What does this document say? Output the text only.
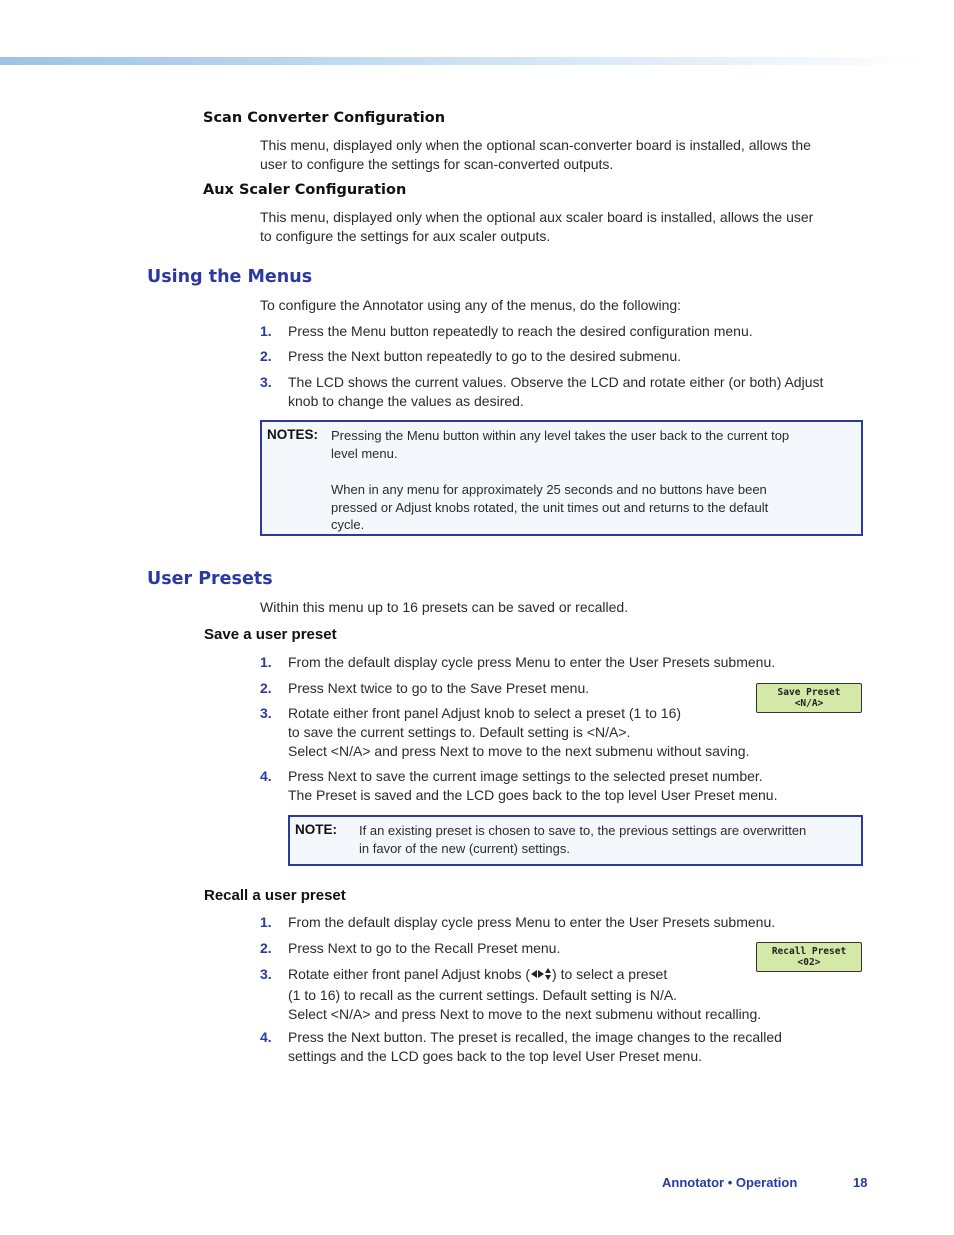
Scan Converter Configuration
This menu, displayed only when the optional scan-converter board is installed, allows the
user to configure the settings for scan-converted outputs.
Aux Scaler Configuration
This menu, displayed only when the optional aux scaler board is installed, allows the user
to configure the settings for aux scaler outputs.
Using the Menus
To configure the Annotator using any of the menus, do the following:
1. Press the Menu button repeatedly to reach the desired configuration menu.
2. Press the Next button repeatedly to go to the desired submenu.
3. The LCD shows the current values. Observe the LCD and rotate either (or both) Adjust
knob to change the values as desired.
NOTES: Pressing the Menu button within any level takes the user back to the current top
level menu.
When in any menu for approximately 25 seconds and no buttons have been
pressed or Adjust knobs rotated, the unit times out and returns to the default
cycle.
User Presets
Within this menu up to 16 presets can be saved or recalled.
Save a user preset
1. From the default display cycle press Menu to enter the User Presets submenu.
2. Press Next twice to go to the Save Preset menu.
3. Rotate either front panel Adjust knob to select a preset (1 to 16)
to save the current settings to. Default setting is <N/A>.
Select <N/A> and press Next to move to the next submenu without saving.
Save Preset
<N/A>
4. Press Next to save the current image settings to the selected preset number.
The Preset is saved and the LCD goes back to the top level User Preset menu.
NOTE: If an existing preset is chosen to save to, the previous settings are overwritten
in favor of the new (current) settings.
Recall a user preset
1. From the default display cycle press Menu to enter the User Presets submenu.
2. Press Next to go to the Recall Preset menu.
3. Rotate either front panel Adjust knobs ( ) to select a preset
(1 to 16) to recall as the current settings. Default setting is N/A.
Select <N/A> and press Next to move to the next submenu without recalling.
Recall Preset
<02>
4. Press the Next button. The preset is recalled, the image changes to the recalled
settings and the LCD goes back to the top level User Preset menu.
Annotator • Operation	18
